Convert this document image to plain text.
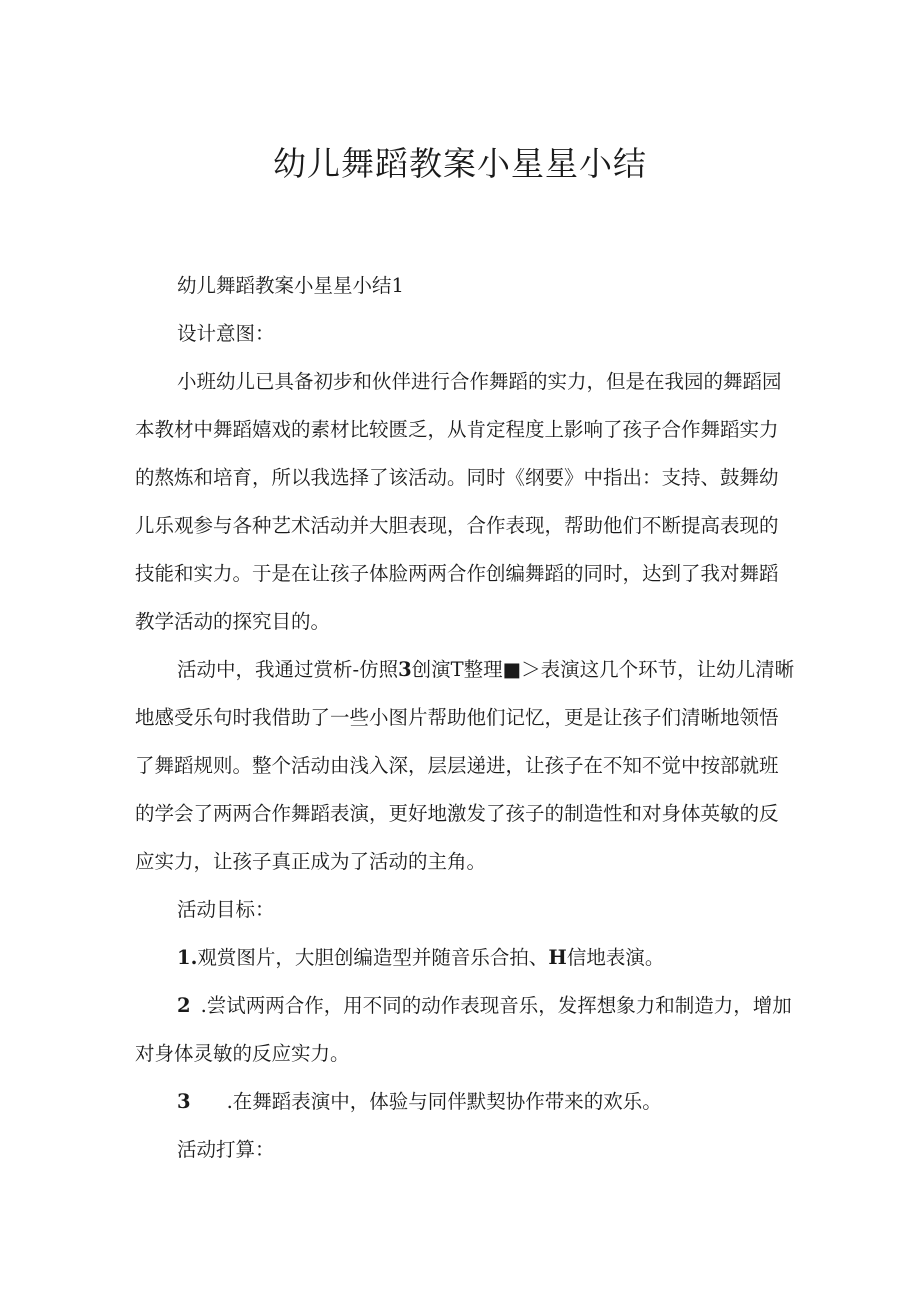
幼儿舞蹈教案小星星小结

幼儿舞蹈教案小星星小结1

设计意图：

小班幼儿已具备初步和伙伴进行合作舞蹈的实力，但是在我园的舞蹈园本教材中舞蹈嬉戏的素材比较匮乏，从肯定程度上影响了孩子合作舞蹈实力的熬炼和培育，所以我选择了该活动。同时《纲要》中指出：支持、鼓舞幼儿乐观参与各种艺术活动并大胆表现，合作表现，帮助他们不断提高表现的技能和实力。于是在让孩子体脸两两合作创编舞蹈的同时，达到了我对舞蹈教学活动的探究目的。

活动中，我通过赏析-仿照3创演T整理■＞表演这几个环节，让幼儿清晰地感受乐句时我借助了一些小图片帮助他们记忆，更是让孩子们清晰地领悟了舞蹈规则。整个活动由浅入深，层层递进，让孩子在不知不觉中按部就班的学会了两两合作舞蹈表演，更好地激发了孩子的制造性和对身体英敏的反应实力，让孩子真正成为了活动的主角。

活动目标：

1.观赏图片，大胆创编造型并随音乐合拍、H信地表演。

2 .尝试两两合作，用不同的动作表现音乐，发挥想象力和制造力，增加对身体灵敏的反应实力。

3 .在舞蹈表演中，体验与同伴默契协作带来的欢乐。

活动打算：
